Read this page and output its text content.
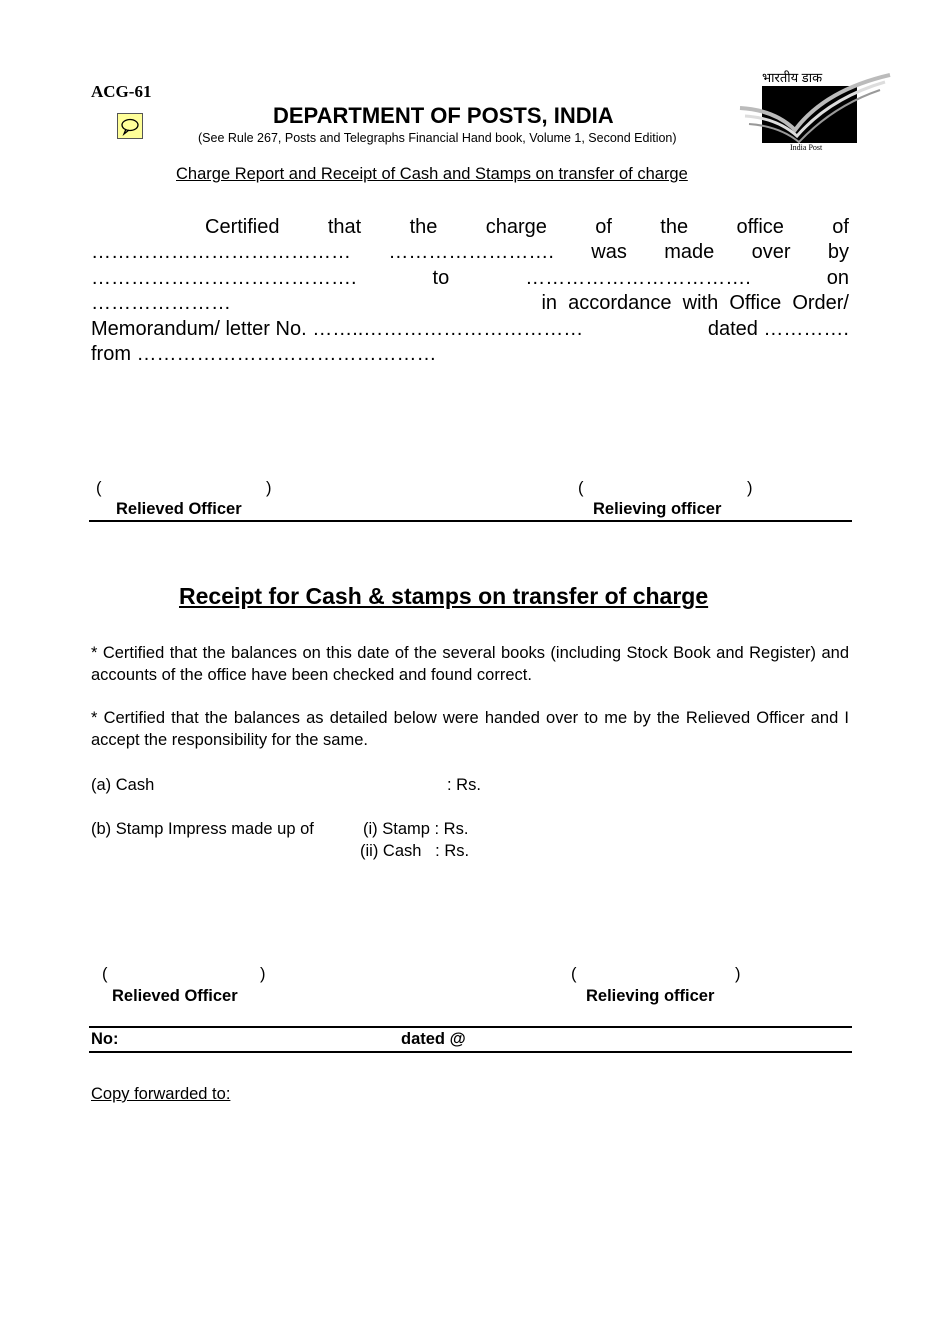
ACG-61
DEPARTMENT OF POSTS, INDIA
(See Rule 267, Posts and Telegraphs Financial Hand book, Volume 1, Second Edition)
भारतीय डाक
India Post
Charge Report and Receipt of Cash and Stamps on transfer of charge
Certified that the charge of the office of
………………………………… ……………………. was made over by
………………………………….	to	…………………………….	on
…………………	in  accordance  with  Office  Order/
Memorandum/ letter No. ……..……………………………	dated ………….
from ………………………………………
(	)
Relieved Officer
(	)
Relieving officer
Receipt for Cash & stamps on transfer of charge
* Certified that the balances on this date of the several books (including Stock Book and Register) and accounts of the office have been checked and found correct.
* Certified that the balances as detailed below were handed over to me by the Relieved Officer and I accept the responsibility for the same.
(a) Cash	: Rs.
(b) Stamp Impress made up of	(i) Stamp : Rs.
(ii) Cash   : Rs.
(	)
Relieved Officer
(	)
Relieving officer
No:	dated @
Copy forwarded to:
